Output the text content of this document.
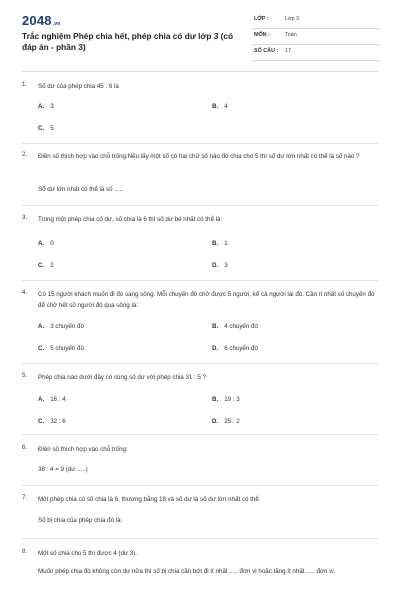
2048.vn
Trắc nghiệm Phép chia hết, phép chia có dư lớp 3 (có đáp án - phần 3)
LỚP :	Lớp 3
MÔN :	Toán
SỐ CÂU : 17
1. Số dư của phép chia 45 : 6 là
A. 3	B. 4
C. 5
2. Điền số thích hợp vào chỗ trống:Nếu lấy một số có hai chữ số nào đó chia cho 5 thì số dư lớn nhất có thể là số nào ?
Số dư lớn nhất có thể là số .....
3. Trong một phép chia có dư, số chia là 6 thì số dư bé nhất có thể là:
A. 0	B. 1
C. 2	D. 3
4. Có 15 người khách muốn đi đò sang sông. Mỗi chuyến đò chở được 5 người, kể cả người lái đò. Cần ít nhất số chuyến đò để chở hết số người đó qua sông là:
A. 3 chuyến đò	B. 4 chuyến đò
C. 5 chuyến đò	D. 6 chuyến đò
5. Phép chia nào dưới đây có cùng số dư với phép chia 31 : 5 ?
A. 16 : 4	B. 19 : 3
C. 32 : 6	D. 25 : 2
6. Điền số thích hợp vào chỗ trống:
38 : 4 = 9 (dư .....)
7. Một phép chia có số chia là 6, thương bằng 18 và số dư là số dư lớn nhất có thể.
Số bị chia của phép chia đó là:
8. Một số chia cho 5 thì được 4 (dư 3).
Muốn phép chia đó không còn dư nữa thì số bị chia cần bớt đi ít nhất ..... đơn vị hoặc tăng ít nhất ..... đơn vị.
